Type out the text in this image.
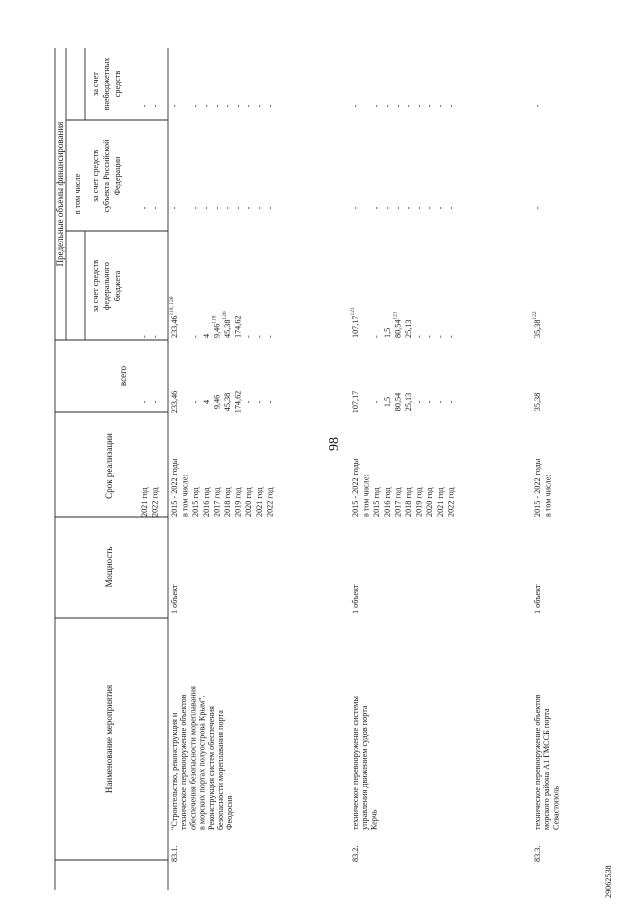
98
29062538
Наименование мероприятия
Мощность
Срок реализации
Предельные объемы финансирования в том числе
всего
за счет средств федерального бюджета
за счет средств субъекта Российской Федерации
за счет внебюджетных средств
2021 год
-
-
-
-
2022 год
-
-
-
-
83.1.
"Строительство, реконструкция и техническое перевооружение объектов обеспечения безопасности мореплавания в морских портах полуострова Крым". Реконструкция систем обеспечения безопасности мореплавания порта Феодосия
1 объект
2015 - 2022 годы
233,46
233,46$^{119, 120}$
-
-
в том числе: 2015 год
-
-
-
-
2016 год
4
4
-
-
2017 год
9,46
9,46$^{119}$
-
-
2018 год
45,38
45,38$^{120}$
-
-
2019 год
174,62
174,62
-
-
2020 год
-
-
-
-
2021 год
-
-
-
-
2022 год
-
-
-
-
83.2.
техническое перевооружение системы управления движением судов порта Керчь
1 объект
2015 - 2022 годы
107,17
107,17$^{121}$
-
-
в том числе: 2015 год
-
-
-
-
2016 год
1,5
1,5
-
-
2017 год
80,54
80,54$^{121}$
-
-
2018 год
25,13
25,13
-
-
2019 год
-
-
-
-
2020 год
-
-
-
-
2021 год
-
-
-
-
2022 год
-
-
-
-
83.3.
техническое перевооружение объектов морского района А1 ГМССБ порта Севастополь
1 объект
2015 - 2022 годы
35,38
35,38$^{122}$
-
-
в том числе:
